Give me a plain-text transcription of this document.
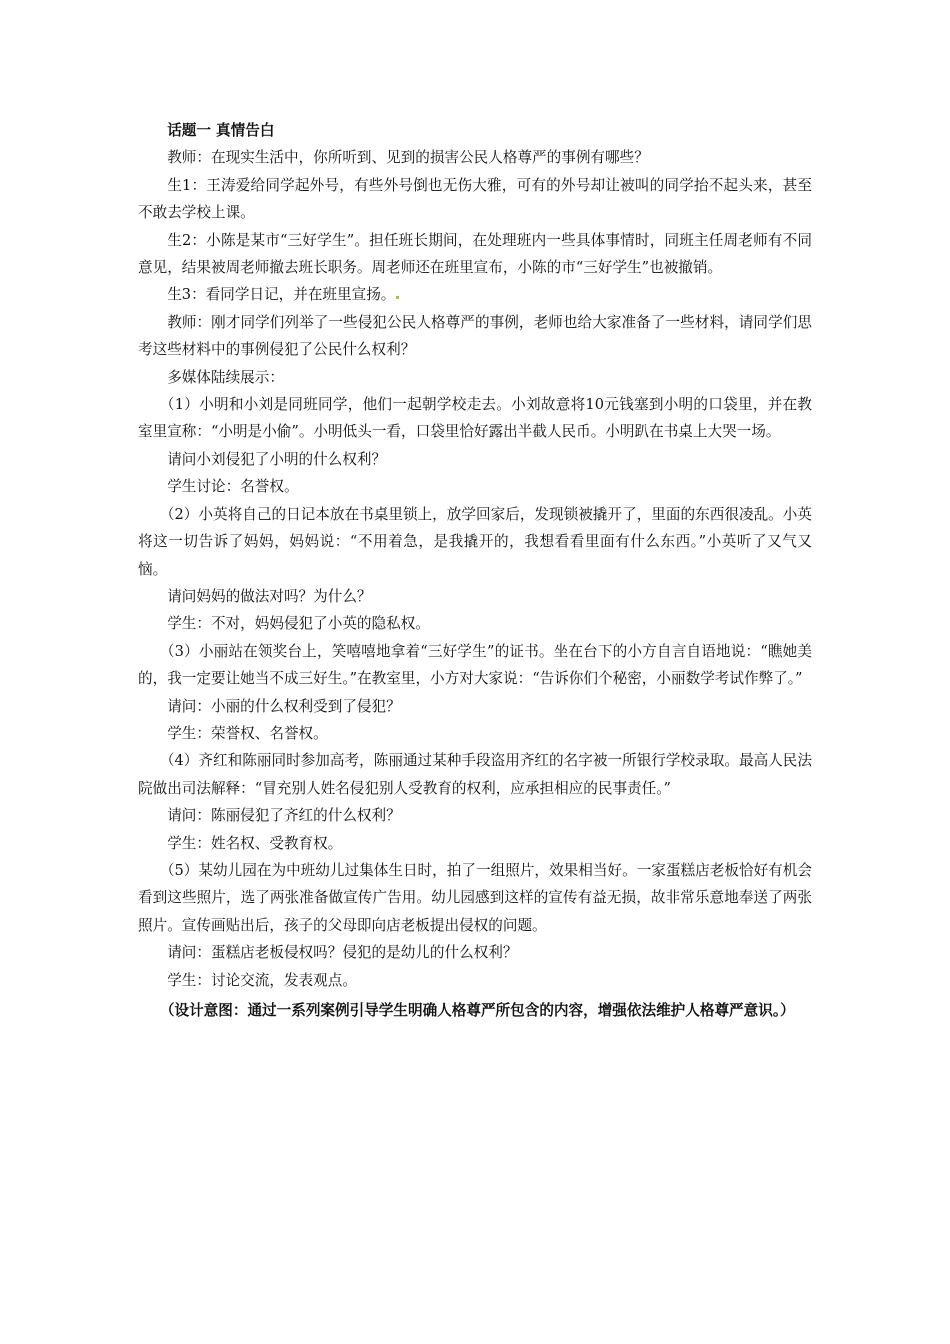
话题一 真情告白

教师：在现实生活中，你所听到、见到的损害公民人格尊严的事例有哪些？

生1：王涛爱给同学起外号，有些外号倒也无伤大雅，可有的外号却让被叫的同学抬不起头来，甚至不敢去学校上课。

生2：小陈是某市“三好学生”。担任班长期间，在处理班内一些具体事情时，同班主任周老师有不同意见，结果被周老师撤去班长职务。周老师还在班里宣布，小陈的市“三好学生”也被撤销。

生3：看同学日记，并在班里宣扬。

教师：刚才同学们列举了一些侵犯公民人格尊严的事例，老师也给大家准备了一些材料，请同学们思考这些材料中的事例侵犯了公民什么权利？

多媒体陆续展示：

（1）小明和小刘是同班同学，他们一起朝学校走去。小刘故意将10元钱塞到小明的口袋里，并在教室里宣称：“小明是小偷”。小明低头一看，口袋里恰好露出半截人民币。小明趴在书桌上大哭一场。

请问小刘侵犯了小明的什么权利？

学生讨论：名誉权。

（2）小英将自己的日记本放在书桌里锁上，放学回家后，发现锁被撬开了，里面的东西很凌乱。小英将这一切告诉了妈妈，妈妈说：“不用着急，是我撬开的，我想看看里面有什么东西。”小英听了又气又恼。

请问妈妈的做法对吗？为什么？

学生：不对，妈妈侵犯了小英的隐私权。

（3）小丽站在领奖台上，笑嘻嘻地拿着“三好学生”的证书。坐在台下的小方自言自语地说：“瞧她美的，我一定要让她当不成三好生。”在教室里，小方对大家说：“告诉你们个秘密，小丽数学考试作弊了。”

请问：小丽的什么权利受到了侵犯？

学生：荣誉权、名誉权。

（4）齐红和陈丽同时参加高考，陈丽通过某种手段盗用齐红的名字被一所银行学校录取。最高人民法院做出司法解释：“冒充别人姓名侵犯别人受教育的权利，应承担相应的民事责任。”

请问：陈丽侵犯了齐红的什么权利？

学生：姓名权、受教育权。

（5）某幼儿园在为中班幼儿过集体生日时，拍了一组照片，效果相当好。一家蛋糕店老板恰好有机会看到这些照片，选了两张准备做宣传广告用。幼儿园感到这样的宣传有益无损，故非常乐意地奉送了两张照片。宣传画贴出后，孩子的父母即向店老板提出侵权的问题。

请问：蛋糕店老板侵权吗？侵犯的是幼儿的什么权利？

学生：讨论交流，发表观点。

（设计意图：通过一系列案例引导学生明确人格尊严所包含的内容，增强依法维护人格尊严意识。）
